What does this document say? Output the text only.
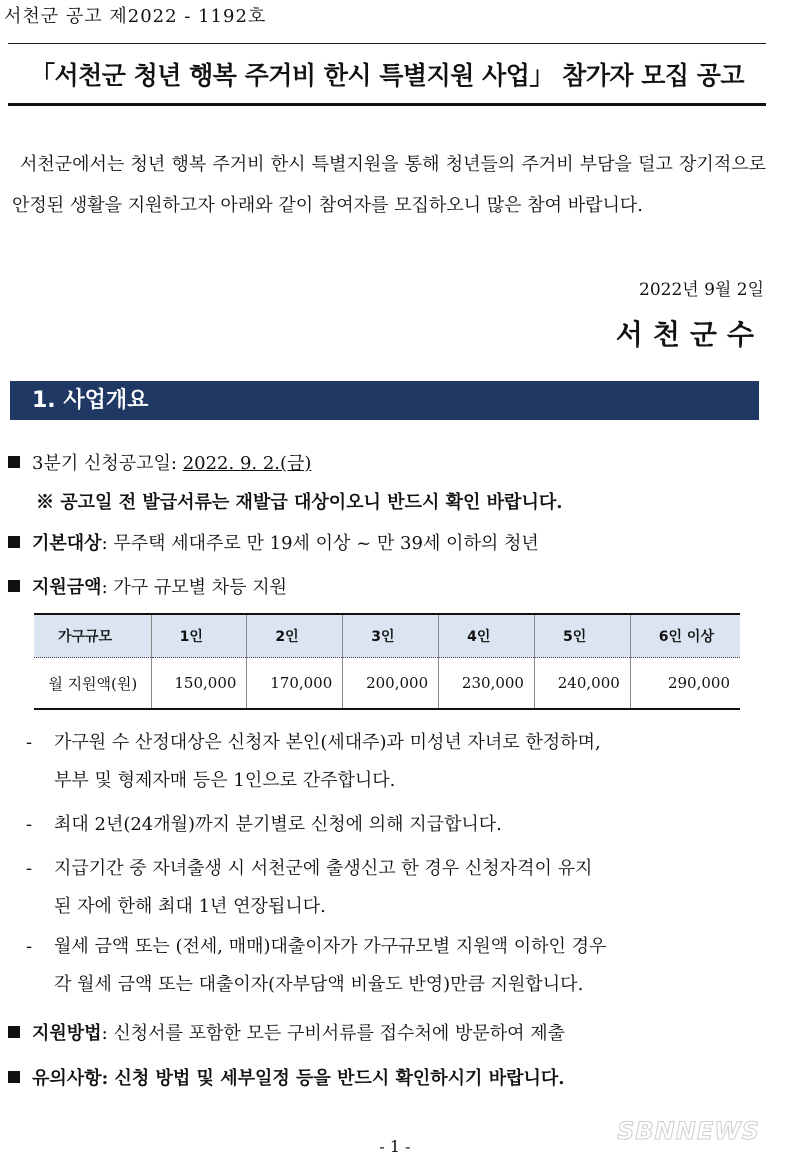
서천군 공고 제2022 - 1192호
「서천군 청년 행복 주거비 한시 특별지원 사업」 참가자 모집 공고
서천군에서는 청년 행복 주거비 한시 특별지원을 통해 청년들의 주거비 부담을 덜고 장기적으로 안정된 생활을 지원하고자 아래와 같이 참여자를 모집하오니 많은 참여 바랍니다.
2022년 9월 2일
서천군수
1. 사업개요
3분기 신청공고일: 2022. 9. 2.(금)
※ 공고일 전 발급서류는 재발급 대상이오니 반드시 확인 바랍니다.
기본대상: 무주택 세대주로 만 19세 이상 ~ 만 39세 이하의 청년
지원금액: 가구 규모별 차등 지원
가구규모	1인	2인	3인	4인	5인	6인 이상
월 지원액(원)	150,000	170,000	200,000	230,000	240,000	290,000
- 가구원 수 산정대상은 신청자 본인(세대주)과 미성년 자녀로 한정하며,
부부 및 형제자매 등은 1인으로 간주합니다.
- 최대 2년(24개월)까지 분기별로 신청에 의해 지급합니다.
- 지급기간 중 자녀출생 시 서천군에 출생신고 한 경우 신청자격이 유지
된 자에 한해 최대 1년 연장됩니다.
- 월세 금액 또는 (전세, 매매)대출이자가 가구규모별 지원액 이하인 경우
각 월세 금액 또는 대출이자(자부담액 비율도 반영)만큼 지원합니다.
지원방법: 신청서를 포함한 모든 구비서류를 접수처에 방문하여 제출
유의사항: 신청 방법 및 세부일정 등을 반드시 확인하시기 바랍니다.
SBNNEWS
- 1 -
